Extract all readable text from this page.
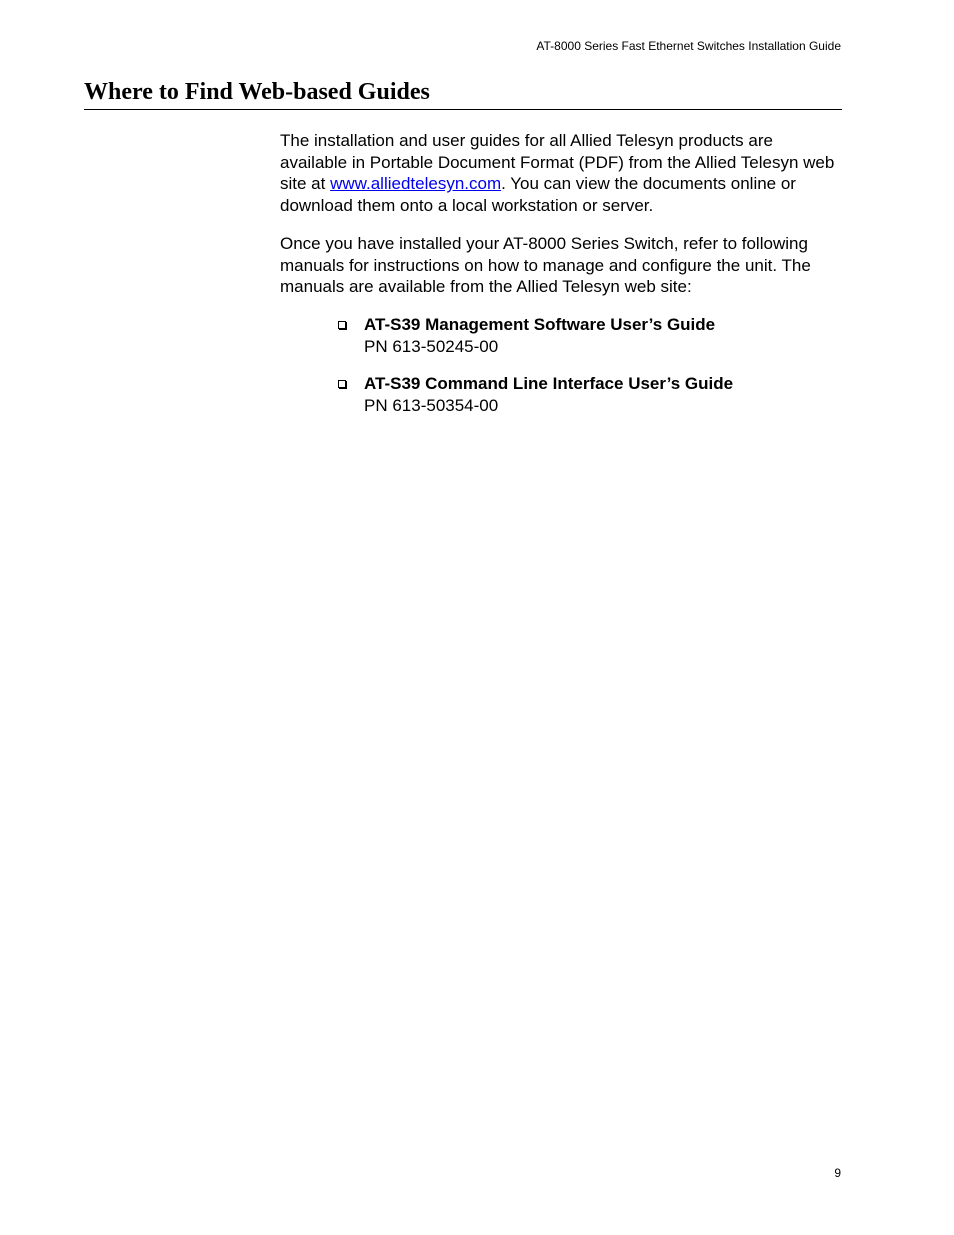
AT-8000 Series Fast Ethernet Switches Installation Guide
Where to Find Web-based Guides

The installation and user guides for all Allied Telesyn products are available in Portable Document Format (PDF) from the Allied Telesyn web site at www.alliedtelesyn.com. You can view the documents online or download them onto a local workstation or server.

Once you have installed your AT-8000 Series Switch, refer to following manuals for instructions on how to manage and configure the unit. The manuals are available from the Allied Telesyn web site:

AT-S39 Management Software User’s Guide
PN 613-50245-00
AT-S39 Command Line Interface User’s Guide
PN 613-50354-00
9
